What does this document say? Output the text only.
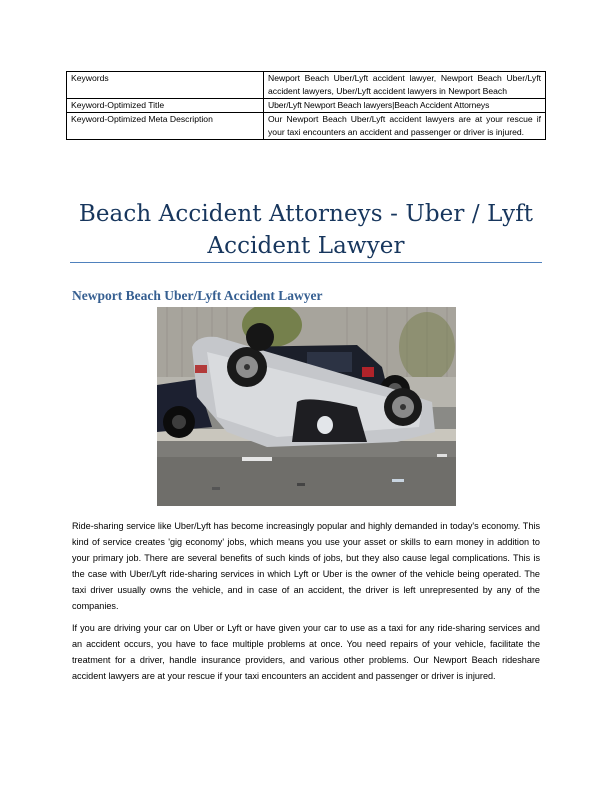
Keywords	Newport Beach Uber/Lyft accident lawyer, Newport Beach Uber/Lyft accident lawyers, Uber/Lyft accident lawyers in Newport Beach
Keyword-Optimized Title	Uber/Lyft Newport Beach lawyers|Beach Accident Attorneys
Keyword-Optimized Meta Description	Our Newport Beach Uber/Lyft accident lawyers are at your rescue if your taxi encounters an accident and passenger or driver is injured.
Beach Accident Attorneys - Uber / Lyft Accident Lawyer
Newport Beach Uber/Lyft Accident Lawyer

Ride-sharing service like Uber/Lyft has become increasingly popular and highly demanded in today's economy. This kind of service creates 'gig economy' jobs, which means you use your asset or skills to earn money in addition to your primary job. There are several benefits of such kinds of jobs, but they also cause legal complications. This is the case with Uber/Lyft ride-sharing services in which Lyft or Uber is the owner of the vehicle being operated. The taxi driver usually owns the vehicle, and in case of an accident, the driver is left unrepresented by any of the companies.

If you are driving your car on Uber or Lyft or have given your car to use as a taxi for any ride-sharing services and an accident occurs, you have to face multiple problems at once. You need repairs of your vehicle, facilitate the treatment for a driver, handle insurance providers, and various other problems. Our Newport Beach rideshare accident lawyers are at your rescue if your taxi encounters an accident and passenger or driver is injured.
